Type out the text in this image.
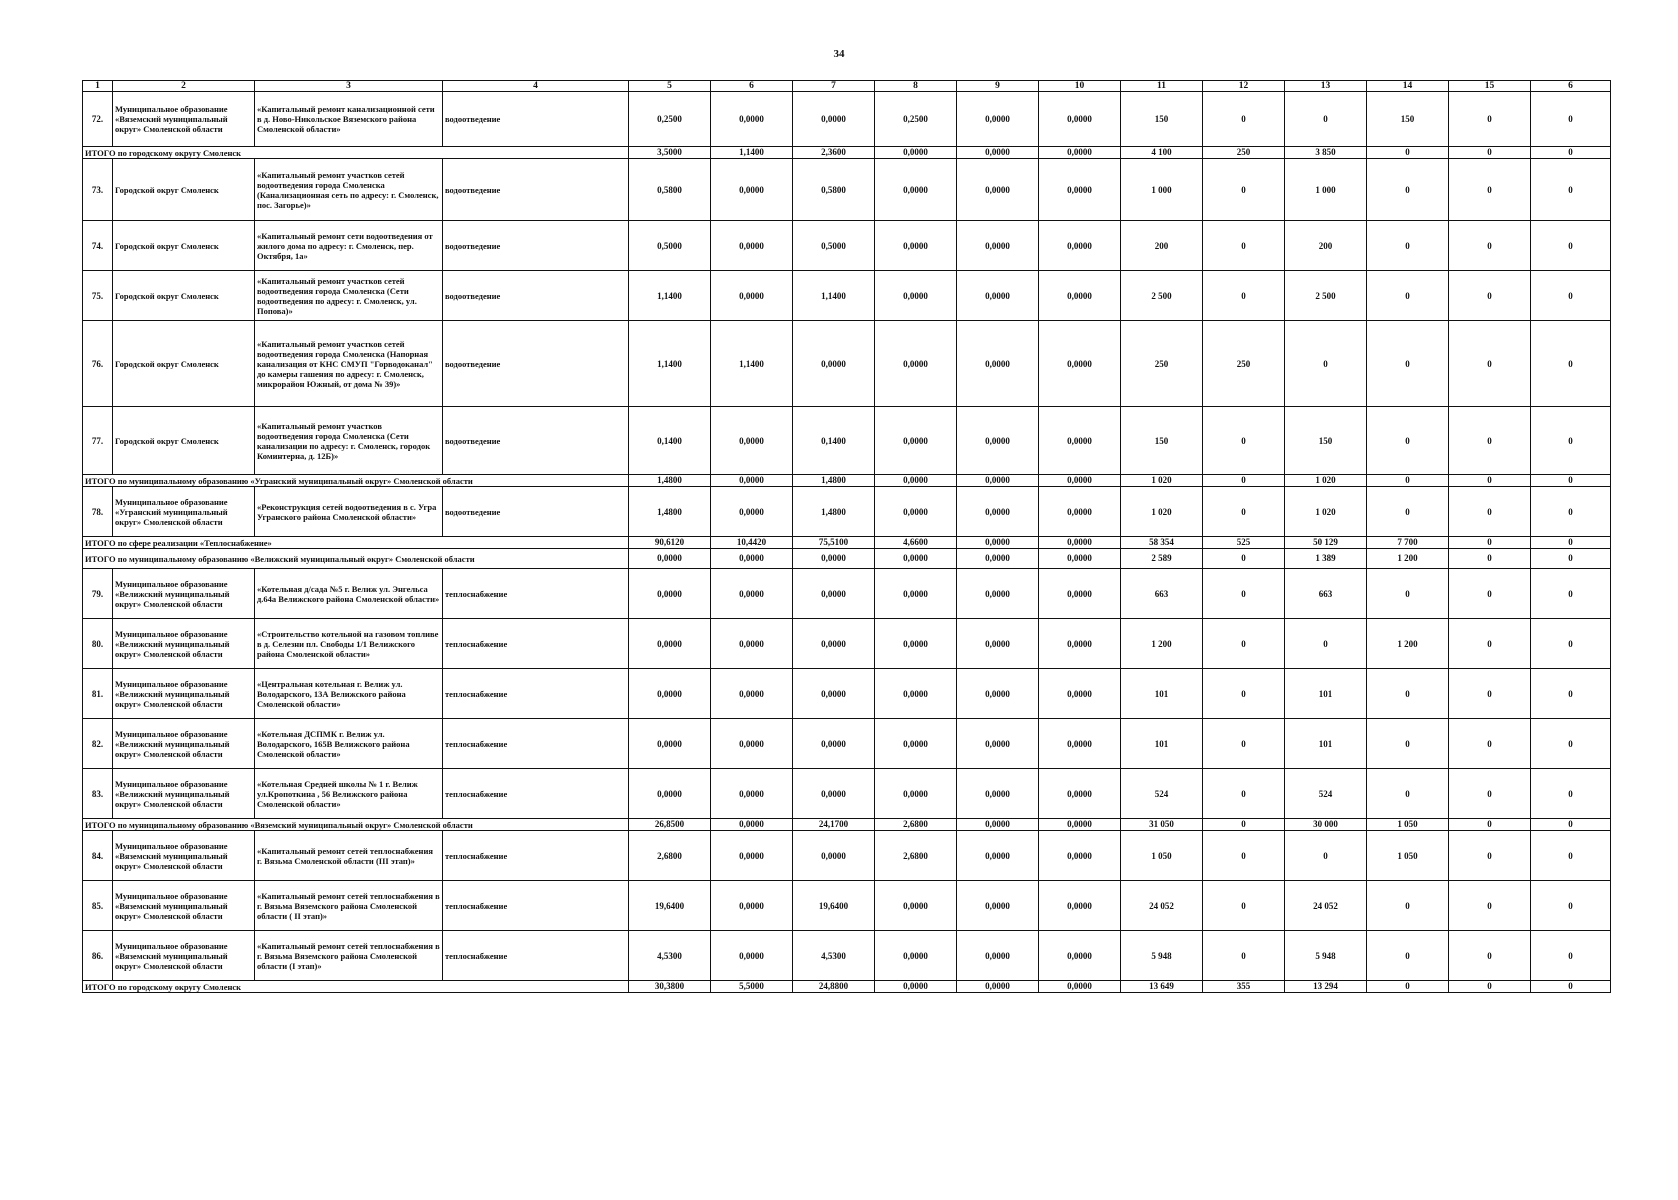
34
1	2	3	4	5	6	7	8	9	10	11	12	13	14	15	6
72.	Муниципальное образование «Вяземский муниципальный округ» Смоленской области	«Капитальный ремонт канализационной сети в д. Ново-Никольское Вяземского района Смоленской области»	водоотведение	0,2500	0,0000	0,0000	0,2500	0,0000	0,0000	150	0	0	150	0	0
ИТОГО по городскому округу Смоленск				3,5000	1,1400	2,3600	0,0000	0,0000	0,0000	4 100	250	3 850	0	0	0
73.	Городской округ Смоленск	«Капитальный ремонт участков сетей водоотведения города Смоленска (Канализационная сеть по адресу: г. Смоленск, пос. Загорье)»	водоотведение	0,5800	0,0000	0,5800	0,0000	0,0000	0,0000	1 000	0	1 000	0	0	0
74.	Городской округ Смоленск	«Капитальный ремонт сети водоотведения от жилого дома по адресу: г. Смоленск, пер. Октября, 1а»	водоотведение	0,5000	0,0000	0,5000	0,0000	0,0000	0,0000	200	0	200	0	0	0
75.	Городской округ Смоленск	«Капитальный ремонт участков сетей водоотведения города Смоленска (Сети водоотведения по адресу: г. Смоленск, ул. Попова)»	водоотведение	1,1400	0,0000	1,1400	0,0000	0,0000	0,0000	2 500	0	2 500	0	0	0
76.	Городской округ Смоленск	«Капитальный ремонт участков сетей водоотведения города Смоленска (Напорная канализация от КНС СМУП "Горводоканал" до камеры гашения по адресу: г. Смоленск, микрорайон Южный, от дома № 39)»	водоотведение	1,1400	1,1400	0,0000	0,0000	0,0000	0,0000	250	250	0	0	0	0
77.	Городской округ Смоленск	«Капитальный ремонт участков водоотведения города Смоленска (Сети канализации по адресу: г. Смоленск, городок Коминтерна, д. 12Б)»	водоотведение	0,1400	0,0000	0,1400	0,0000	0,0000	0,0000	150	0	150	0	0	0
ИТОГО по муниципальному образованию «Угранский муниципальный округ» Смоленской области				1,4800	0,0000	1,4800	0,0000	0,0000	0,0000	1 020	0	1 020	0	0	0
78.	Муниципальное образование «Угранский муниципальный округ» Смоленской области	«Реконструкция сетей водоотведения в с. Угра Угранского района Смоленской области»	водоотведение	1,4800	0,0000	1,4800	0,0000	0,0000	0,0000	1 020	0	1 020	0	0	0
ИТОГО по сфере реализации «Теплоснабжение»				90,6120	10,4420	75,5100	4,6600	0,0000	0,0000	58 354	525	50 129	7 700	0	0
ИТОГО по муниципальному образованию «Велижский муниципальный округ» Смоленской области				0,0000	0,0000	0,0000	0,0000	0,0000	0,0000	2 589	0	1 389	1 200	0	0
79.	Муниципальное образование «Велижский муниципальный округ» Смоленской области	«Котельная д/сада №5 г. Велиж ул. Энгельса д.64а Велижского района Смоленской области»	теплоснабжение	0,0000	0,0000	0,0000	0,0000	0,0000	0,0000	663	0	663	0	0	0
80.	Муниципальное образование «Велижский муниципальный округ» Смоленской области	«Строительство котельной на газовом топливе в д. Селезни пл. Свободы 1/1 Велижского района Смоленской области»	теплоснабжение	0,0000	0,0000	0,0000	0,0000	0,0000	0,0000	1 200	0	0	1 200	0	0
81.	Муниципальное образование «Велижский муниципальный округ» Смоленской области	«Центральная котельная г. Велиж ул. Володарского, 13А Велижского района Смоленской области»	теплоснабжение	0,0000	0,0000	0,0000	0,0000	0,0000	0,0000	101	0	101	0	0	0
82.	Муниципальное образование «Велижский муниципальный округ» Смоленской области	«Котельная ДСПМК г. Велиж ул. Володарского, 165В Велижского района Смоленской области»	теплоснабжение	0,0000	0,0000	0,0000	0,0000	0,0000	0,0000	101	0	101	0	0	0
83.	Муниципальное образование «Велижский муниципальный округ» Смоленской области	«Котельная Средней школы № 1 г. Велиж ул.Кропоткина , 56 Велижского района Смоленской области»	теплоснабжение	0,0000	0,0000	0,0000	0,0000	0,0000	0,0000	524	0	524	0	0	0
ИТОГО по муниципальному образованию «Вяземский муниципальный округ» Смоленской области				26,8500	0,0000	24,1700	2,6800	0,0000	0,0000	31 050	0	30 000	1 050	0	0
84.	Муниципальное образование «Вяземский муниципальный округ» Смоленской области	«Капитальный ремонт сетей теплоснабжения г. Вязьма Смоленской области (III этап)»	теплоснабжение	2,6800	0,0000	0,0000	2,6800	0,0000	0,0000	1 050	0	0	1 050	0	0
85.	Муниципальное образование «Вяземский муниципальный округ» Смоленской области	«Капитальный ремонт сетей теплоснабжения в г. Вязьма Вяземского района Смоленской области ( II этап)»	теплоснабжение	19,6400	0,0000	19,6400	0,0000	0,0000	0,0000	24 052	0	24 052	0	0	0
86.	Муниципальное образование «Вяземский муниципальный округ» Смоленской области	«Капитальный ремонт сетей теплоснабжения в г. Вязьма Вяземского района Смоленской области (I этап)»	теплоснабжение	4,5300	0,0000	4,5300	0,0000	0,0000	0,0000	5 948	0	5 948	0	0	0
ИТОГО по городскому округу Смоленск				30,3800	5,5000	24,8800	0,0000	0,0000	0,0000	13 649	355	13 294	0	0	0
